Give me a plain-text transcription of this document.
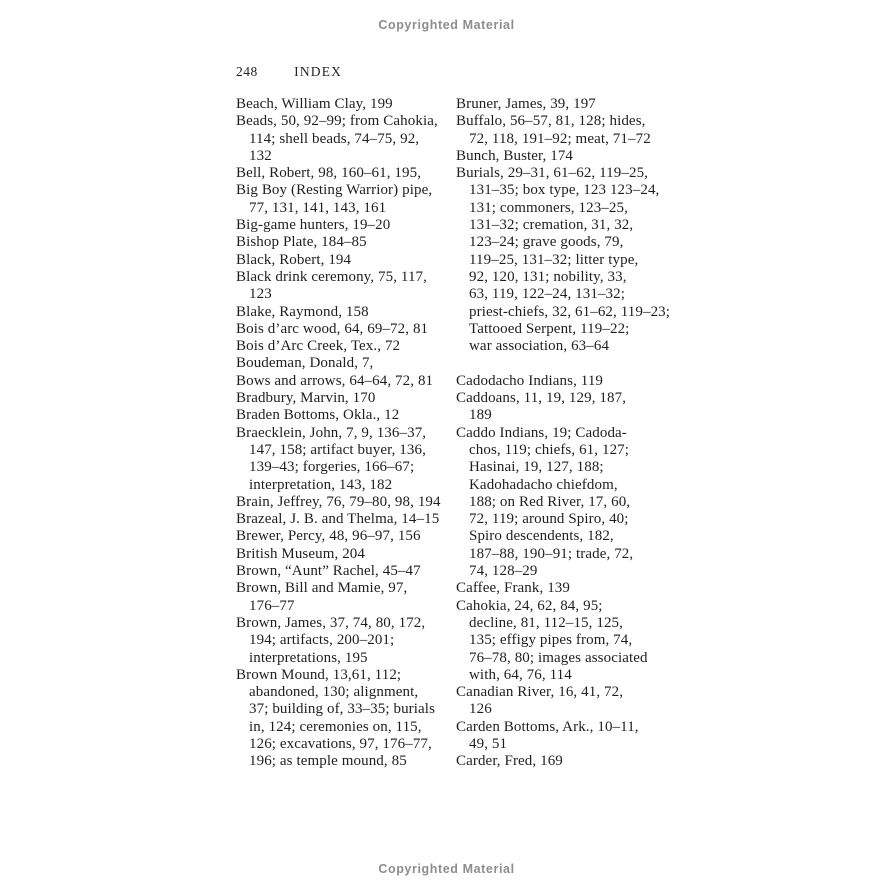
Copyrighted Material
248	INDEX
Beach, William Clay, 199
Beads, 50, 92–99; from Cahokia,
114; shell beads, 74–75, 92,
132
Bell, Robert, 98, 160–61, 195,
Big Boy (Resting Warrior) pipe,
77, 131, 141, 143, 161
Big-game hunters, 19–20
Bishop Plate, 184–85
Black, Robert, 194
Black drink ceremony, 75, 117,
123
Blake, Raymond, 158
Bois d’arc wood, 64, 69–72, 81
Bois d’Arc Creek, Tex., 72
Boudeman, Donald, 7,
Bows and arrows, 64–64, 72, 81
Bradbury, Marvin, 170
Braden Bottoms, Okla., 12
Braecklein, John, 7, 9, 136–37,
147, 158; artifact buyer, 136,
139–43; forgeries, 166–67;
interpretation, 143, 182
Brain, Jeffrey, 76, 79–80, 98, 194
Brazeal, J. B. and Thelma, 14–15
Brewer, Percy, 48, 96–97, 156
British Museum, 204
Brown, “Aunt” Rachel, 45–47
Brown, Bill and Mamie, 97,
176–77
Brown, James, 37, 74, 80, 172,
194; artifacts, 200–201;
interpretations, 195
Brown Mound, 13,61, 112;
abandoned, 130; alignment,
37; building of, 33–35; burials
in, 124; ceremonies on, 115,
126; excavations, 97, 176–77,
196; as temple mound, 85
Bruner, James, 39, 197
Buffalo, 56–57, 81, 128; hides,
72, 118, 191–92; meat, 71–72
Bunch, Buster, 174
Burials, 29–31, 61–62, 119–25,
131–35; box type, 123 123–24,
131; commoners, 123–25,
131–32; cremation, 31, 32,
123–24; grave goods, 79,
119–25, 131–32; litter type,
92, 120, 131; nobility, 33,
63, 119, 122–24, 131–32;
priest-chiefs, 32, 61–62, 119–23;
Tattooed Serpent, 119–22;
war association, 63–64
Cadodacho Indians, 119
Caddoans, 11, 19, 129, 187,
189
Caddo Indians, 19; Cadoda-
chos, 119; chiefs, 61, 127;
Hasinai, 19, 127, 188;
Kadohadacho chiefdom,
188; on Red River, 17, 60,
72, 119; around Spiro, 40;
Spiro descendents, 182,
187–88, 190–91; trade, 72,
74, 128–29
Caffee, Frank, 139
Cahokia, 24, 62, 84, 95;
decline, 81, 112–15, 125,
135; effigy pipes from, 74,
76–78, 80; images associated
with, 64, 76, 114
Canadian River, 16, 41, 72,
126
Carden Bottoms, Ark., 10–11,
49, 51
Carder, Fred, 169
Copyrighted Material
